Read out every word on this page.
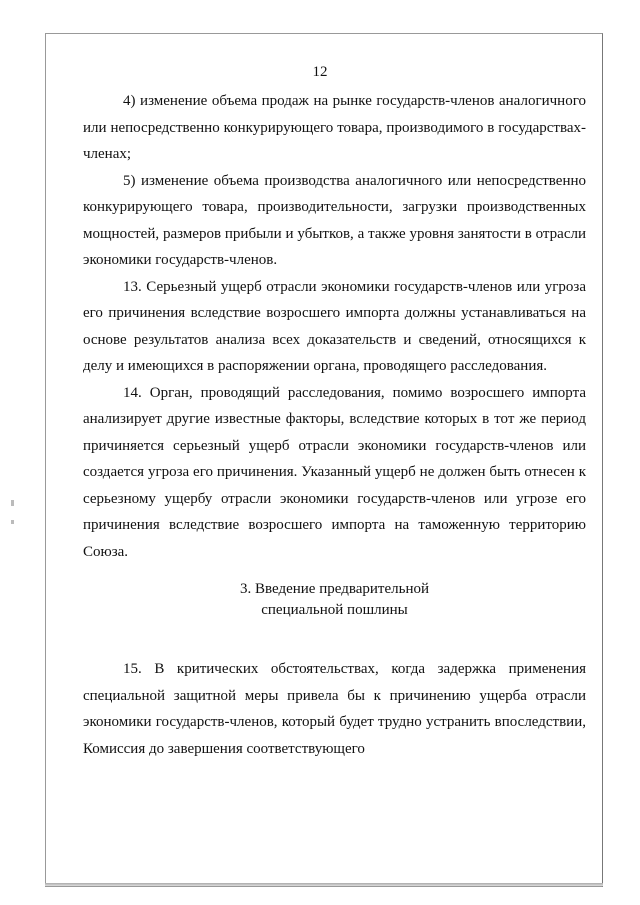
12

4) изменение объема продаж на рынке государств-членов аналогичного или непосредственно конкурирующего товара, производимого в государствах-членах;

5) изменение объема производства аналогичного или непосредственно конкурирующего товара, производительности, загрузки производственных мощностей, размеров прибыли и убытков, а также уровня занятости в отрасли экономики государств-членов.

13. Серьезный ущерб отрасли экономики государств-членов или угроза его причинения вследствие возросшего импорта должны устанавливаться на основе результатов анализа всех доказательств и сведений, относящихся к делу и имеющихся в распоряжении органа, проводящего расследования.

14. Орган, проводящий расследования, помимо возросшего импорта анализирует другие известные факторы, вследствие которых в тот же период причиняется серьезный ущерб отрасли экономики государств-членов или создается угроза его причинения. Указанный ущерб не должен быть отнесен к серьезному ущербу отрасли экономики государств-членов или угрозе его причинения вследствие возросшего импорта на таможенную территорию Союза.

3. Введение предварительной
специальной пошлины

15. В критических обстоятельствах, когда задержка применения специальной защитной меры привела бы к причинению ущерба отрасли экономики государств-членов, который будет трудно устранить впоследствии, Комиссия до завершения соответствующего
